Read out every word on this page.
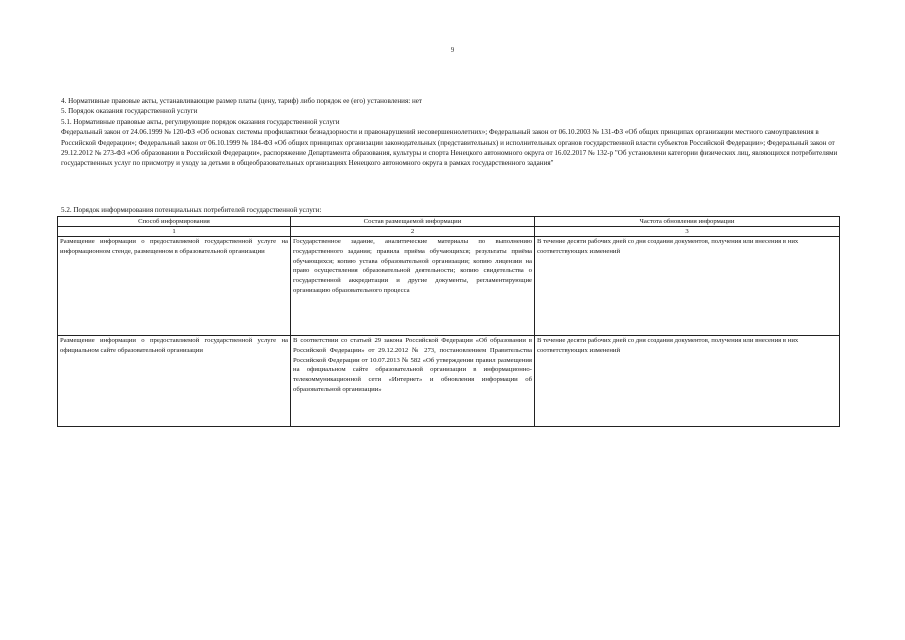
9

4. Нормативные правовые акты, устанавливающие размер платы (цену, тариф) либо порядок ее (его) установления: нет

5. Порядок оказания государственной услуги

5.1. Нормативные правовые акты, регулирующие порядок оказания государственной услуги

Федеральный закон от 24.06.1999 № 120-ФЗ «Об основах системы профилактики безнадзорности и правонарушений несовершеннолетних»; Федеральный закон от 06.10.2003 № 131-ФЗ «Об общих принципах организации местного самоуправления в Российской Федерации»; Федеральный закон от 06.10.1999 № 184-ФЗ «Об общих принципах организации законодательных (представительных) и исполнительных органов государственной власти субъектов Российской Федерации»; Федеральный закон от 29.12.2012 № 273-ФЗ «Об образовании в Российской Федерации», распоряжение Департамента образования, культуры и спорта Ненецкого автономного округа от 16.02.2017 № 132-р "Об установлени категории физических лиц, являющихся потребителями государственных услуг по присмотру и уходу за детьми в общеобразовательных организациях Ненецкого автономного округа в рамках государственного задания"

5.2. Порядок информирования потенциальных потребителей государственной услуги:
Способ информирования	Состав размещаемой информации	Частота обновления информации
1	2	3
Размещение информации о предоставляемой государственной услуге на информационном стенде, размещенном в образовательной организации	Государственное задание, аналитические материалы по выполнению государственного задания; правила приёма обучающихся; результаты приёма обучающихся; копию устава образовательной организации; копию лицензии на право осуществления образовательной деятельности; копию свидетельства о государственной аккредитации и другие документы, регламентирующие организацию образовательного процесса	В течение десяти рабочих дней со дня создания документов, получения или внесения в них соответствующих изменений
Размещение информации о предоставляемой государственной услуге на официальном сайте образовательной организации	В соответствии со статьей 29 закона Российской Федерации «Об образовании в Российской Федерации» от 29.12.2012 № 273, постановлением Правительства Российской Федерации от 10.07.2013 № 582 «Об утверждении правил размещения на официальном сайте образовательной организации в информационно-телекоммуникационной сети «Интернет» и обновления информации об образовательной организации»	В течение десяти рабочих дней со дня создания документов, получения или внесения в них соответствующих изменений
